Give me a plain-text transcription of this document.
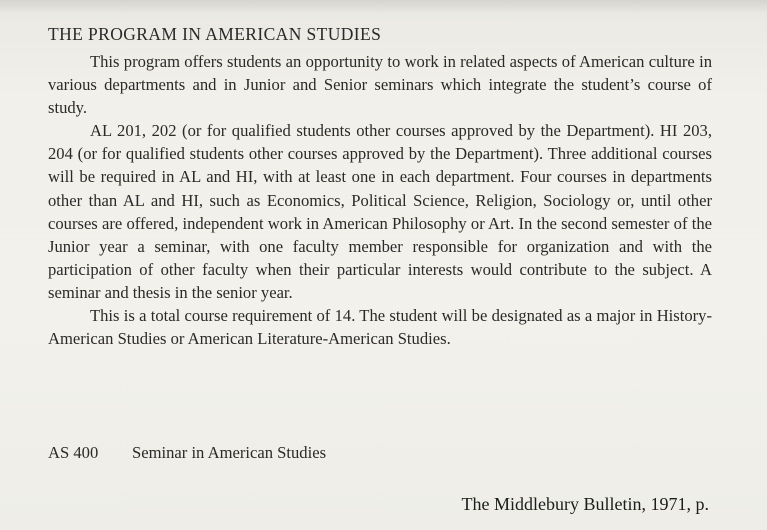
THE PROGRAM IN AMERICAN STUDIES

This program offers students an opportunity to work in related aspects of American culture in various departments and in Junior and Senior seminars which integrate the student’s course of study.

AL 201, 202 (or for qualified students other courses approved by the Department). HI 203, 204 (or for qualified students other courses approved by the Department). Three additional courses will be required in AL and HI, with at least one in each department. Four courses in departments other than AL and HI, such as Economics, Political Science, Religion, Sociology or, until other courses are offered, independent work in American Philosophy or Art. In the second semester of the Junior year a seminar, with one faculty member responsible for organization and with the participation of other faculty when their particular interests would contribute to the subject. A seminar and thesis in the senior year.

This is a total course requirement of 14. The student will be designated as a major in History-American Studies or American Literature-American Studies.

AS 400	Seminar in American Studies
The Middlebury Bulletin, 1971, p.
